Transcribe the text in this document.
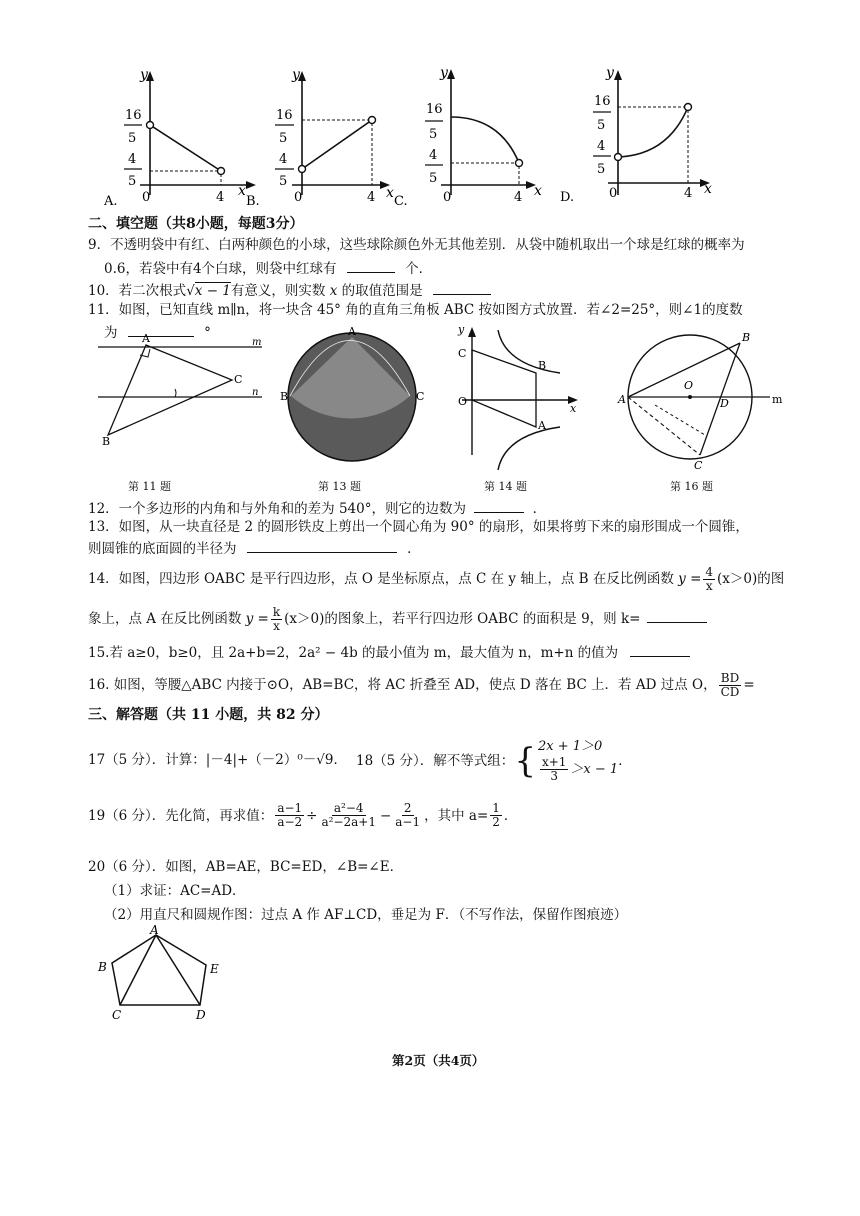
y
16
5
4
5
0	4 x
A.
y
16
5
4
5
0	4 x
B.
y
16
5
4
5
0	4 x
C.
y
16
5
4
5
0	4 x
D.
二、填空题（共8小题，每题3分）
9．不透明袋中有红、白两种颜色的小球，这些球除颜色外无其他差别．从袋中随机取出一个球是红球的概率为
0.6，若袋中有4个白球，则袋中红球有	个．
10．若二次根式√x − 1有意义，则实数 x 的取值范围是
11．如图，已知直线 m∥n，将一块含 45° 角的直角三角板 ABC 按如图方式放置．若∠2=25°，则∠1的度数
为	°
A	m
C
n
B
A
B	C
y
C
B
O
x
A
A
B
O
D	m
C
第 11 题	第 13 题	第 14 题	第 16 题
12．一个多边形的内角和与外角和的差为 540°，则它的边数为	．
13．如图，从一块直径是 2 的圆形铁皮上剪出一个圆心角为 90° 的扇形，如果将剪下来的扇形围成一个圆锥，
则圆锥的底面圆的半径为	．
14．如图，四边形 OABC 是平行四边形，点 O 是坐标原点，点 C 在 y 轴上，点 B 在反比例函数 $y = \frac{4}{x} (x>0)$的图
象上，点 A 在反比例函数 $y = \frac{k}{x} (x>0)$的图象上，若平行四边形 OABC 的面积是 9，则 k=
15.若 a≥0，b≥0，且 2a+b=2，2a² − 4b 的最小值为 m，最大值为 n，m+n 的值为
16. 如图，等腰△ABC 内接于⊙O，AB=BC，将 AC 折叠至 AD，使点 D 落在 BC 上．若 AD 过点 O， $\frac{BD}{CD}$ =
三、解答题（共 11 小题，共 82 分）
17（5 分）．计算：|－4|+（－2）⁰－√9． 18（5 分）．解不等式组： { 2x + 1＞0
$\frac{x+1}{3} >x - 1$
．
19（6 分）．先化简，再求值： $\frac{a-1}{a-2} \div \frac{\text{a²−4}}{\text{a²−2a+1}} - \frac{2}{a-1}$ ，其中 $a= \frac{1}{2}$ ．
20（6 分）．如图，AB=AE，BC=ED，∠B=∠E．
（1）求证：AC=AD．
（2）用直尺和圆规作图：过点 A 作 AF⊥CD，垂足为 F．（不写作法，保留作图痕迹）
A
B	E
C	D
第2页（共4页）
